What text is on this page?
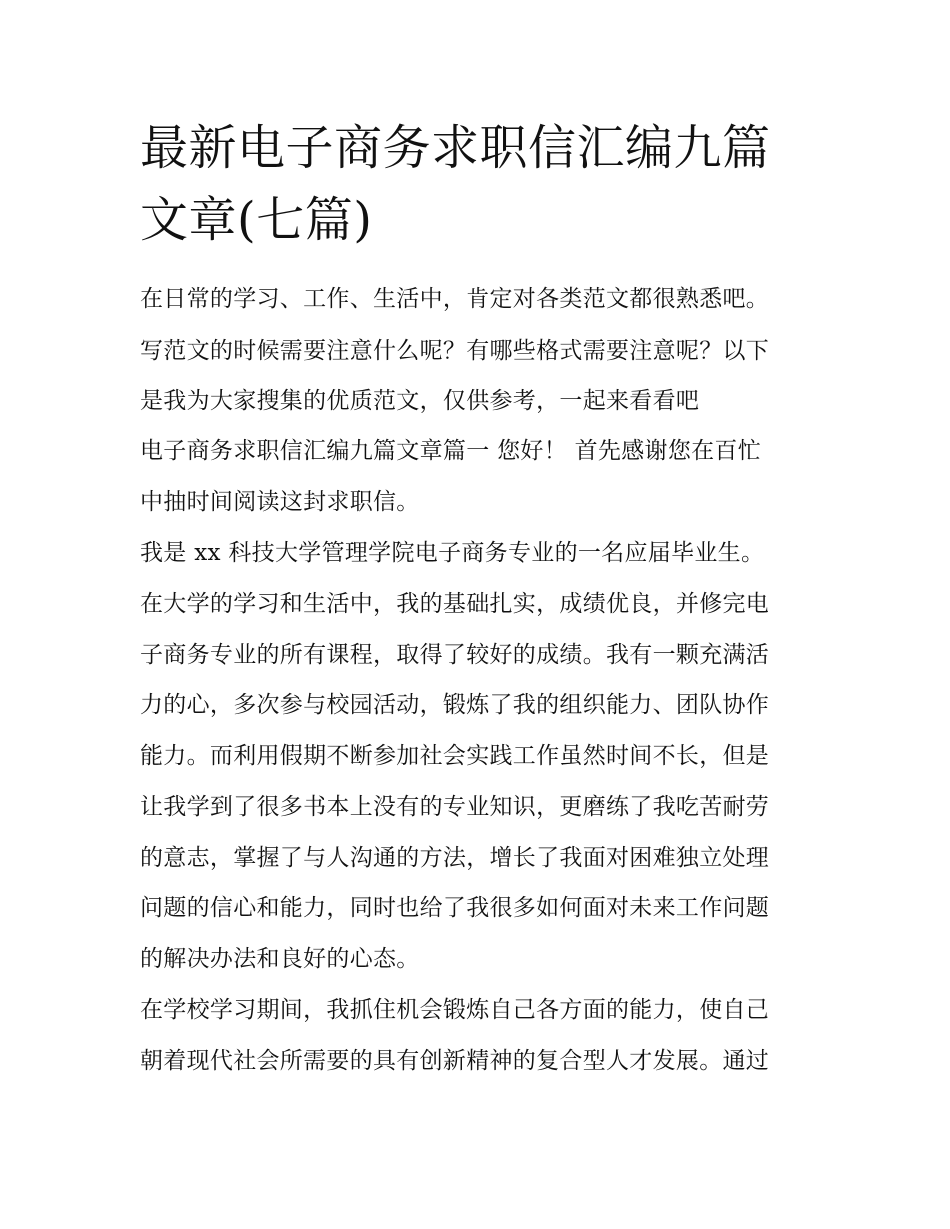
最新电子商务求职信汇编九篇
文章(七篇)
在日常的学习、工作、生活中，肯定对各类范文都很熟悉吧。
写范文的时候需要注意什么呢？有哪些格式需要注意呢？以下
是我为大家搜集的优质范文，仅供参考，一起来看看吧
电子商务求职信汇编九篇文章篇一 您好！ 首先感谢您在百忙
中抽时间阅读这封求职信。
我是 xx 科技大学管理学院电子商务专业的一名应届毕业生。
在大学的学习和生活中，我的基础扎实，成绩优良，并修完电
子商务专业的所有课程，取得了较好的成绩。我有一颗充满活
力的心，多次参与校园活动，锻炼了我的组织能力、团队协作
能力。而利用假期不断参加社会实践工作虽然时间不长，但是
让我学到了很多书本上没有的专业知识，更磨练了我吃苦耐劳
的意志，掌握了与人沟通的方法，增长了我面对困难独立处理
问题的信心和能力，同时也给了我很多如何面对未来工作问题
的解决办法和良好的心态。
在学校学习期间，我抓住机会锻炼自己各方面的能力，使自己
朝着现代社会所需要的具有创新精神的复合型人才发展。通过
